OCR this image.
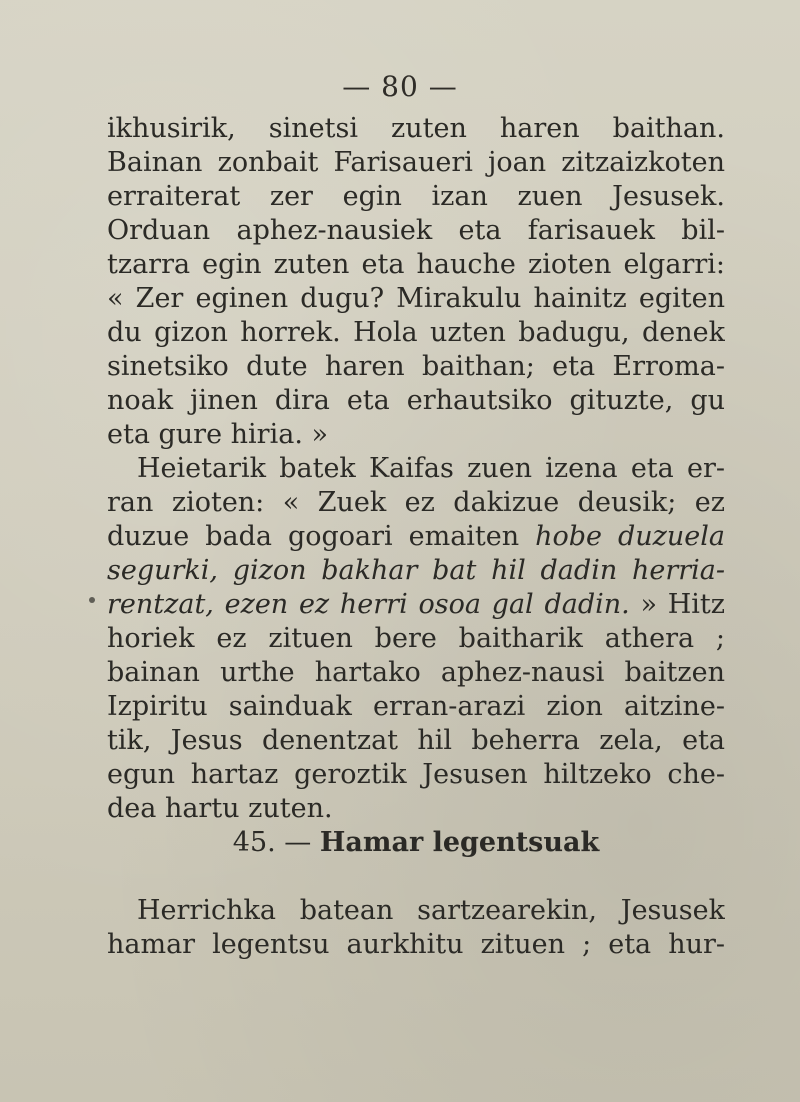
— 80 —
ikhusirik, sinetsi zuten haren baithan.
Bainan zonbait Farisaueri joan zitzaizkoten
erraiterat zer egin izan zuen Jesusek.
Orduan aphez-nausiek eta farisauek bil-
tzarra egin zuten eta hauche zioten elgarri:
« Zer eginen dugu? Mirakulu hainitz egiten
du gizon horrek. Hola uzten badugu, denek
sinetsiko dute haren baithan; eta Erroma-
noak jinen dira eta erhautsiko gituzte, gu
eta gure hiria. »
Heietarik batek Kaifas zuen izena eta er-
ran zioten: « Zuek ez dakizue deusik; ez
duzue bada gogoari emaiten hobe duzuela
segurki, gizon bakhar bat hil dadin herria-
rentzat, ezen ez herri osoa gal dadin. » Hitz
horiek ez zituen bere baitharik athera ;
bainan urthe hartako aphez-nausi baitzen
Izpiritu sainduak erran-arazi zion aitzine-
tik, Jesus denentzat hil beherra zela, eta
egun hartaz geroztik Jesusen hiltzeko che-
dea hartu zuten.
45. — Hamar legentsuak
Herrichka batean sartzearekin, Jesusek
hamar legentsu aurkhitu zituen ; eta hur-
